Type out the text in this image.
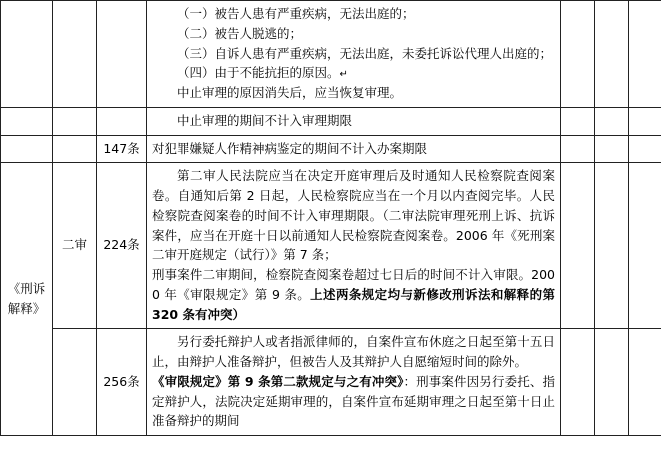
			（一）被告人患有严重疾病，无法出庭的；

（二）被告人脱逃的；

（三）自诉人患有严重疾病，无法出庭，未委托诉讼代理人出庭的；

（四）由于不能抗拒的原因。↵

中止审理的原因消失后，应当恢复审理。			

			中止审理的期间不计入审理期限			

		147条	对犯罪嫌疑人作精神病鉴定的期间不计入办案期限			

《刑诉解释》	二审	224条	第二审人民法院应当在决定开庭审理后及时通知人民检察院查阅案卷。自通知后第 2 日起，人民检察院应当在一个月以内查阅完毕。人民检察院查阅案卷的时间不计入审理期限。（二审法院审理死刑上诉、抗诉案件，应当在开庭十日以前通知人民检察院查阅案卷。2006 年《死刑案二审开庭规定（试行）》第 7 条；

刑事案件二审期间，检察院查阅案卷超过七日后的时间不计入审限。2000 年《审限规定》第 9 条。上述两条规定均与新修改刑诉法和解释的第 320 条有冲突）			

		256条	另行委托辩护人或者指派律师的，自案件宣布休庭之日起至第十五日止，由辩护人准备辩护，但被告人及其辩护人自愿缩短时间的除外。

《审限规定》第 9 条第二款规定与之有冲突》：刑事案件因另行委托、指定辩护人，法院决定延期审理的，自案件宣布延期审理之日起至第十日止准备辩护的期间			
